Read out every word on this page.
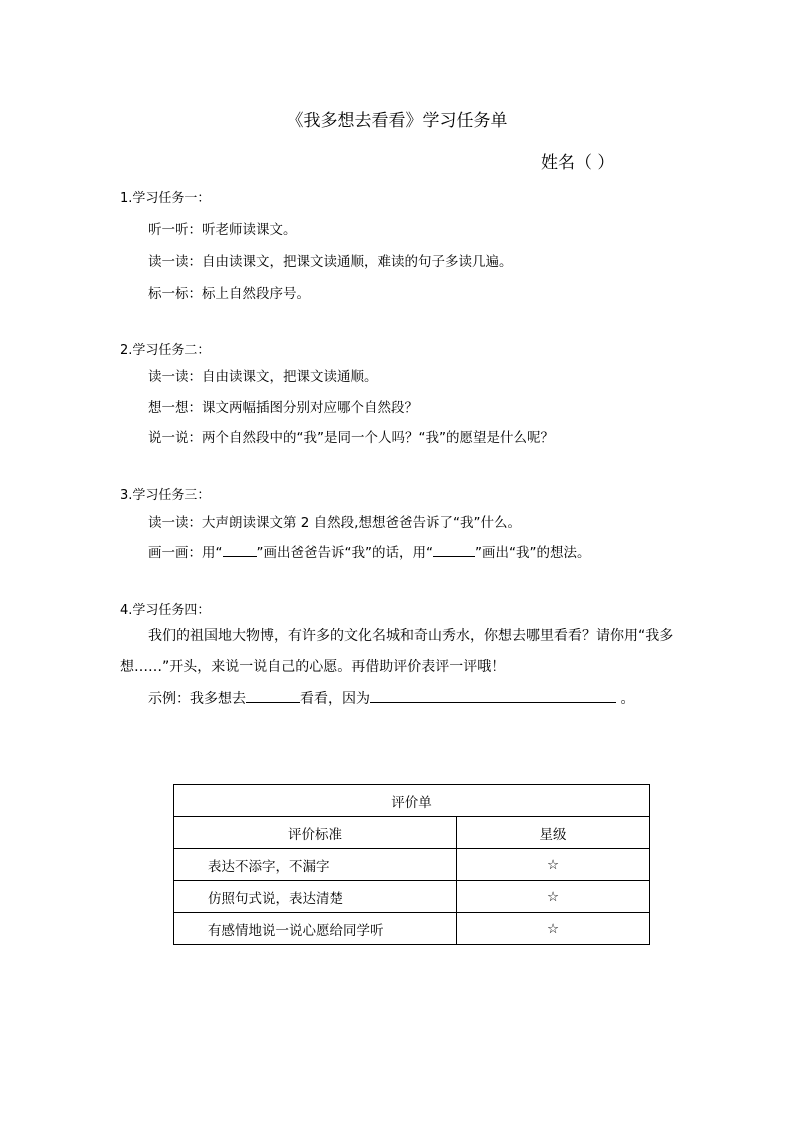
《我多想去看看》学习任务单
姓名（ ）
1.学习任务一：
听一听：听老师读课文。
读一读：自由读课文，把课文读通顺，难读的句子多读几遍。
标一标：标上自然段序号。
2.学习任务二：
读一读：自由读课文，把课文读通顺。
想一想：课文两幅插图分别对应哪个自然段？
说一说：两个自然段中的“我”是同一个人吗？“我”的愿望是什么呢？
3.学习任务三：
读一读：大声朗读课文第 2 自然段,想想爸爸告诉了“我”什么。
画一画：用“	”画出爸爸告诉“我”的话，用“	”画出“我”的想法。
4.学习任务四：
我们的祖国地大物博，有许多的文化名城和奇山秀水，你想去哪里看看？请你用“我多
想……”开头，来说一说自己的心愿。再借助评价表评一评哦！
示例：我多想去	看看，因为	。
评价单	
评价标准	星级
表达不添字，不漏字	☆
仿照句式说，表达清楚	☆
有感情地说一说心愿给同学听	☆
